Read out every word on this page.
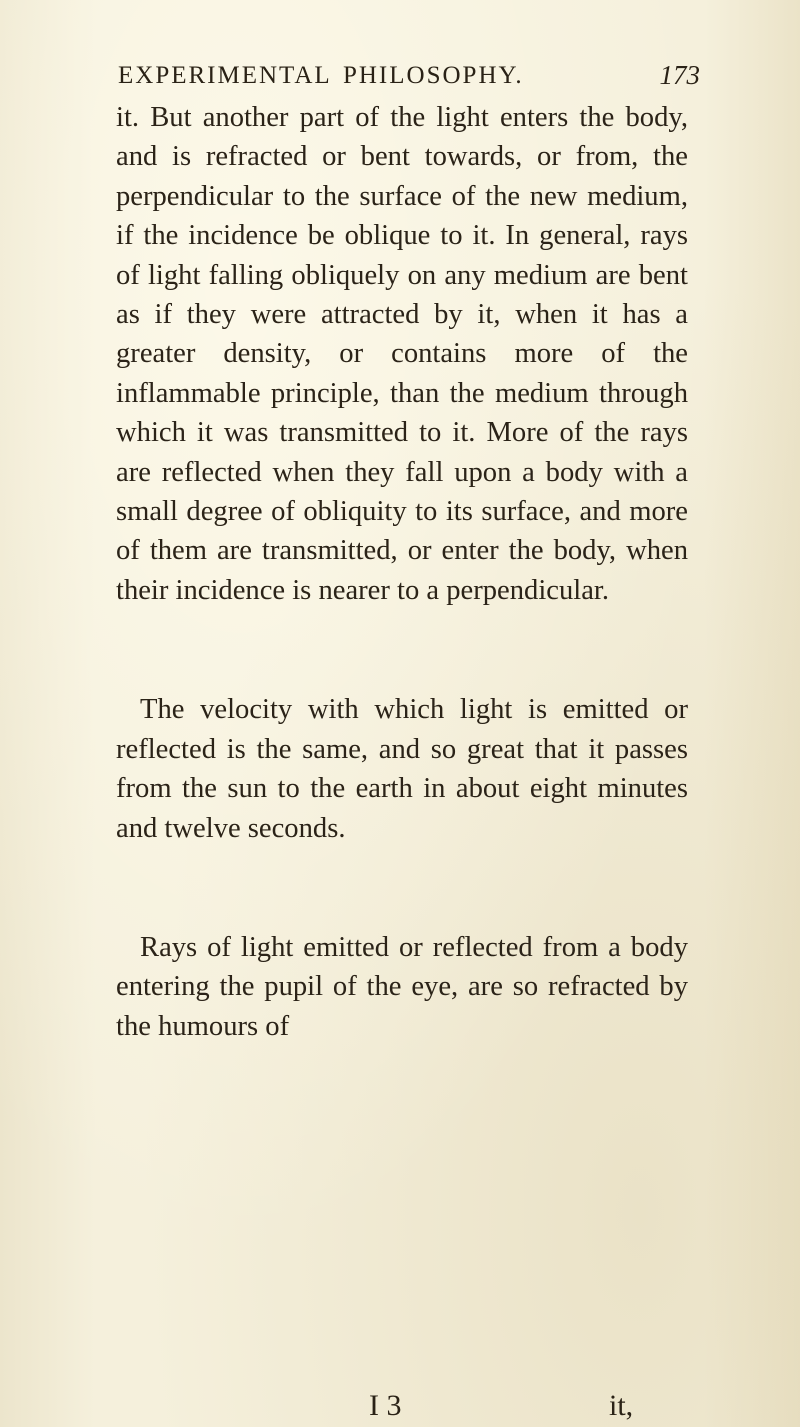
EXPERIMENTAL PHILOSOPHY.	173

it. But another part of the light enters the body, and is refracted or bent towards, or from, the perpendicular to the surface of the new medium, if the incidence be oblique to it. In general, rays of light falling obliquely on any medium are bent as if they were attracted by it, when it has a greater density, or contains more of the inflammable principle, than the medium through which it was transmitted to it. More of the rays are reflected when they fall upon a body with a small degree of obliquity to its surface, and more of them are transmitted, or enter the body, when their incidence is nearer to a perpendicular.

The velocity with which light is emitted or reflected is the same, and so great that it passes from the sun to the earth in about eight minutes and twelve seconds.

Rays of light emitted or reflected from a body entering the pupil of the eye, are so refracted by the humours of

I 3	it,
